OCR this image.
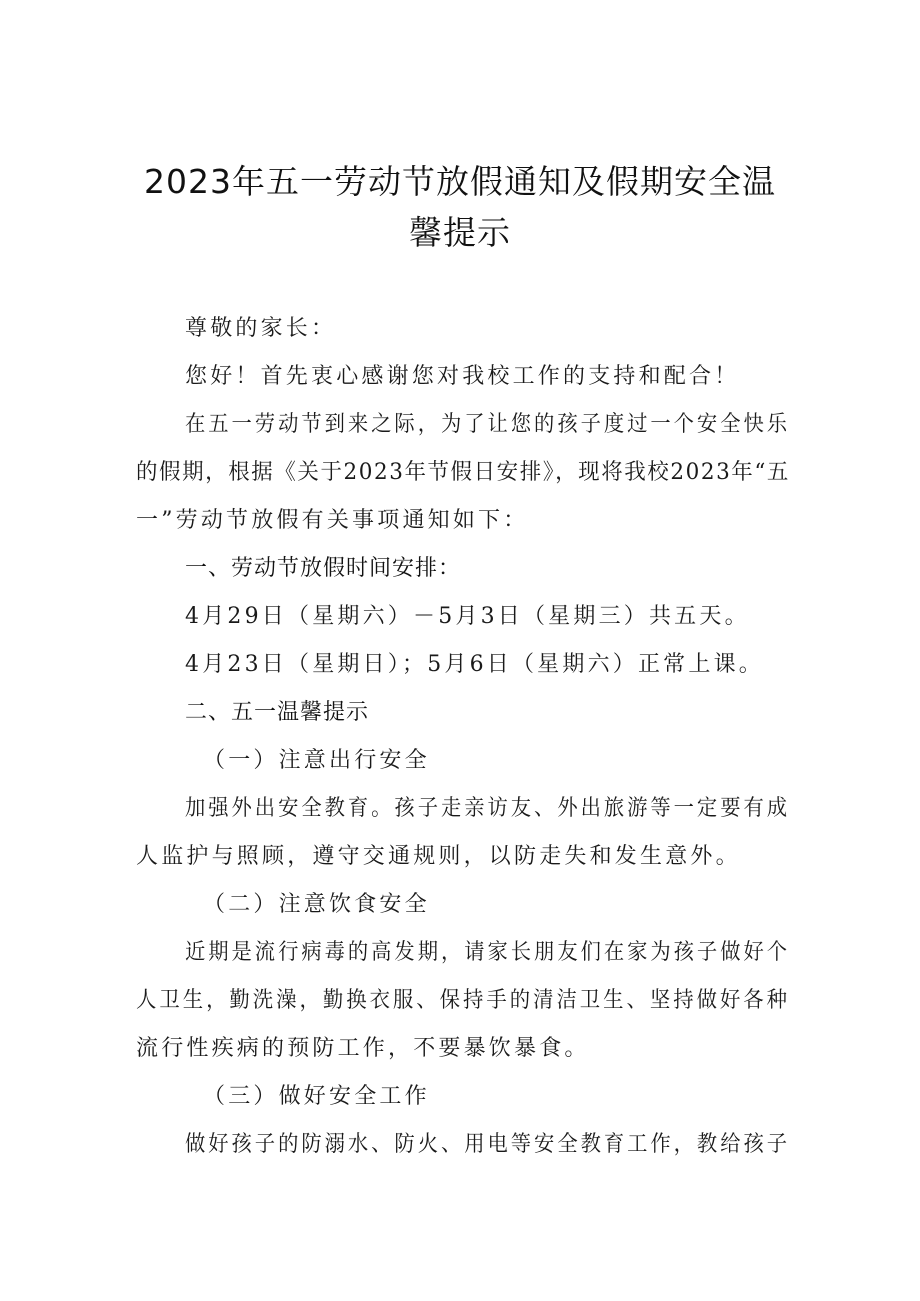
2023年五一劳动节放假通知及假期安全温
馨提示
尊敬的家长：
您好！首先衷心感谢您对我校工作的支持和配合！
在五一劳动节到来之际，为了让您的孩子度过一个安全快乐
的假期，根据《关于2023年节假日安排》，现将我校2023年“五
一”劳动节放假有关事项通知如下：
一、劳动节放假时间安排：
4月29日（星期六）－5月3日（星期三）共五天。
4月23日（星期日）；5月6日（星期六）正常上课。
二、五一温馨提示
（一）注意出行安全
加强外出安全教育。孩子走亲访友、外出旅游等一定要有成
人监护与照顾，遵守交通规则，以防走失和发生意外。
（二）注意饮食安全
近期是流行病毒的高发期，请家长朋友们在家为孩子做好个
人卫生，勤洗澡，勤换衣服、保持手的清洁卫生、坚持做好各种
流行性疾病的预防工作，不要暴饮暴食。
（三）做好安全工作
做好孩子的防溺水、防火、用电等安全教育工作，教给孩子
